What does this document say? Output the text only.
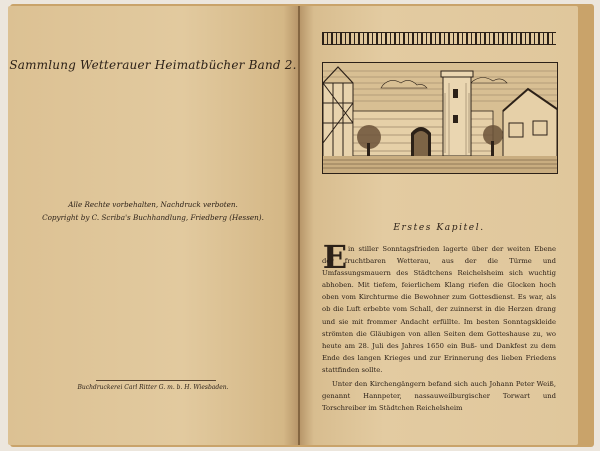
Sammlung Wetterauer Heimatbücher Band 2.
Alle Rechte vorbehalten, Nachdruck verboten.
Copyright by C. Scriba's Buchhandlung, Friedberg (Hessen).
Buchdruckerei Carl Ritter G. m. b. H. Wiesbaden.
Erstes Kapitel.
E in stiller Sonntagsfrieden lagerte über der weiten Ebene der fruchtbaren Wetterau, aus der die Türme und Umfassungsmauern des Städtchens Reichelsheim sich wuchtig abhoben. Mit tiefem, feierlichem Klang riefen die Glocken hoch oben vom Kirchturme die Bewohner zum Gottesdienst. Es war, als ob die Luft erbebte vom Schall, der zuinnerst in die Herzen drang und sie mit frommer Andacht erfüllte. Im besten Sonntagskleide strömten die Gläubigen von allen Seiten dem Gotteshause zu, wo heute am 28. Juli des Jahres 1650 ein Buß- und Dankfest zu dem Ende des langen Krieges und zur Erinnerung des lieben Friedens stattfinden sollte.

Unter den Kirchengängern befand sich auch Johann Peter Weiß, genannt Hannpeter, nassauweilburgischer Torwart und Torschreiber im Städtchen Reichelsheim
